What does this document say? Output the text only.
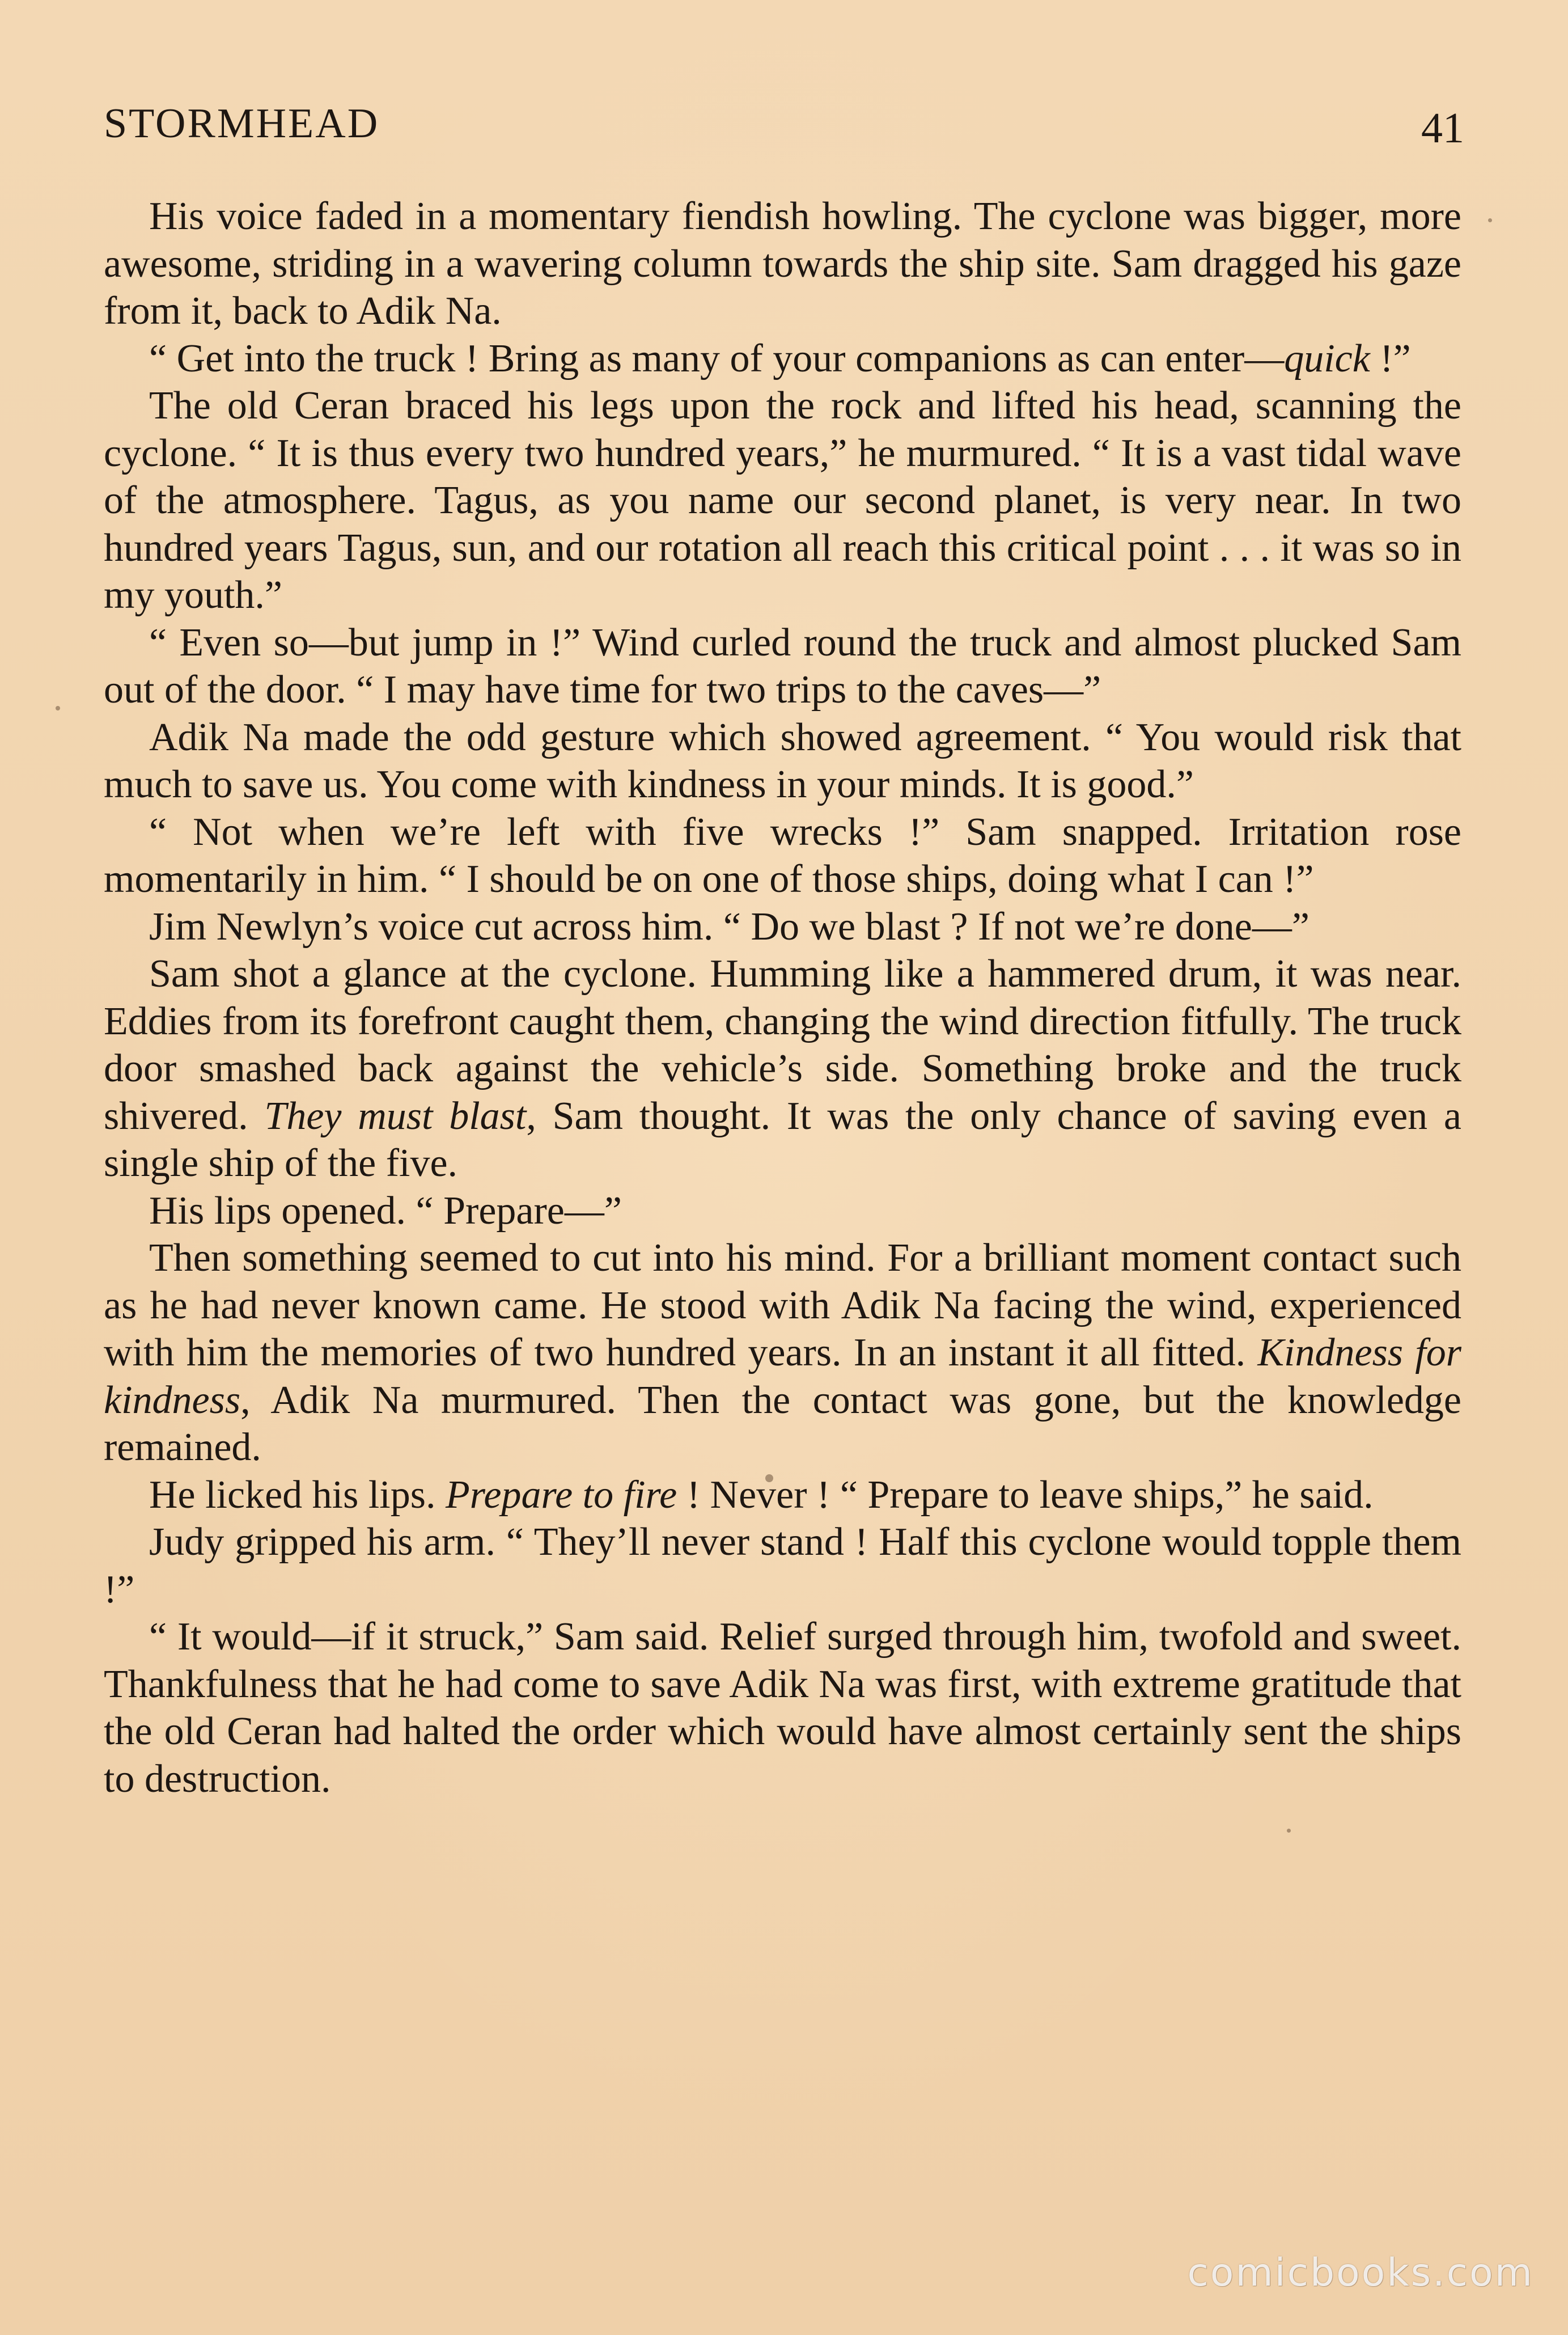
STORMHEAD	41

His voice faded in a momentary fiendish howling. The cyclone was bigger, more awesome, striding in a wavering column towards the ship site. Sam dragged his gaze from it, back to Adik Na.

“ Get into the truck ! Bring as many of your companions as can enter—quick !”

The old Ceran braced his legs upon the rock and lifted his head, scanning the cyclone. “ It is thus every two hundred years,” he murmured. “ It is a vast tidal wave of the atmosphere. Tagus, as you name our second planet, is very near. In two hundred years Tagus, sun, and our rotation all reach this critical point . . . it was so in my youth.”

“ Even so—but jump in !” Wind curled round the truck and almost plucked Sam out of the door. “ I may have time for two trips to the caves—”

Adik Na made the odd gesture which showed agreement. “ You would risk that much to save us. You come with kindness in your minds. It is good.”

“ Not when we’re left with five wrecks !” Sam snapped. Irritation rose momentarily in him. “ I should be on one of those ships, doing what I can !”

Jim Newlyn’s voice cut across him. “ Do we blast ? If not we’re done—”

Sam shot a glance at the cyclone. Humming like a hammered drum, it was near. Eddies from its forefront caught them, changing the wind direction fitfully. The truck door smashed back against the vehicle’s side. Something broke and the truck shivered. They must blast, Sam thought. It was the only chance of saving even a single ship of the five.

His lips opened. “ Prepare—”

Then something seemed to cut into his mind. For a brilliant moment contact such as he had never known came. He stood with Adik Na facing the wind, experienced with him the memories of two hundred years. In an instant it all fitted. Kindness for kindness, Adik Na murmured. Then the contact was gone, but the knowledge remained.

He licked his lips. Prepare to fire ! Never ! “ Prepare to leave ships,” he said.

Judy gripped his arm. “ They’ll never stand ! Half this cyclone would topple them !”

“ It would—if it struck,” Sam said. Relief surged through him, twofold and sweet. Thankfulness that he had come to save Adik Na was first, with extreme gratitude that the old Ceran had halted the order which would have almost certainly sent the ships to destruction.

comicbooks.com
